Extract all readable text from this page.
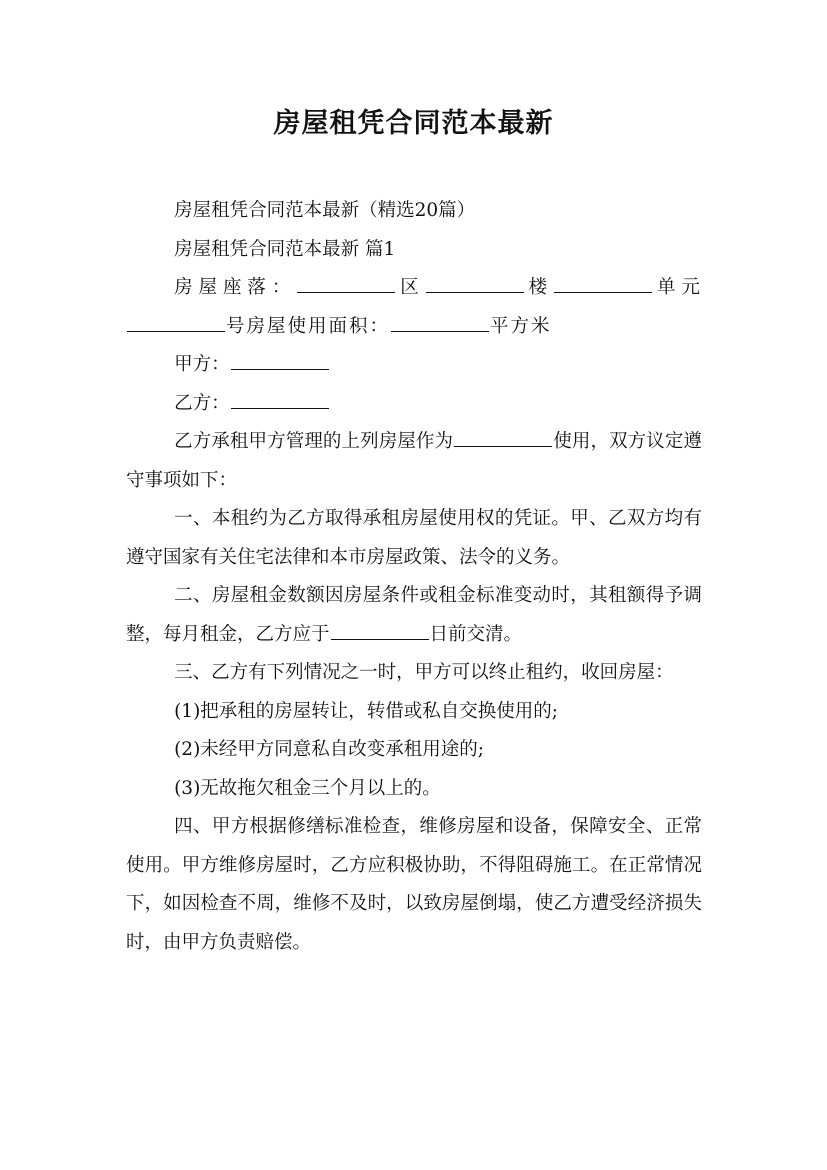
房屋租凭合同范本最新

房屋租凭合同范本最新（精选20篇）

房屋租凭合同范本最新 篇1

房屋座落：	区	楼	单元号房屋使用面积：	平方米

甲方：

乙方：

乙方承租甲方管理的上列房屋作为	使用，双方议定遵守事项如下：

一、本租约为乙方取得承租房屋使用权的凭证。甲、乙双方均有遵守国家有关住宅法律和本市房屋政策、法令的义务。

二、房屋租金数额因房屋条件或租金标准变动时，其租额得予调整，每月租金，乙方应于	日前交清。

三、乙方有下列情况之一时，甲方可以终止租约，收回房屋：

(1)把承租的房屋转让，转借或私自交换使用的;

(2)未经甲方同意私自改变承租用途的;

(3)无故拖欠租金三个月以上的。

四、甲方根据修缮标准检查，维修房屋和设备，保障安全、正常使用。甲方维修房屋时，乙方应积极协助，不得阻碍施工。在正常情况下，如因检查不周，维修不及时，以致房屋倒塌，使乙方遭受经济损失时，由甲方负责赔偿。
